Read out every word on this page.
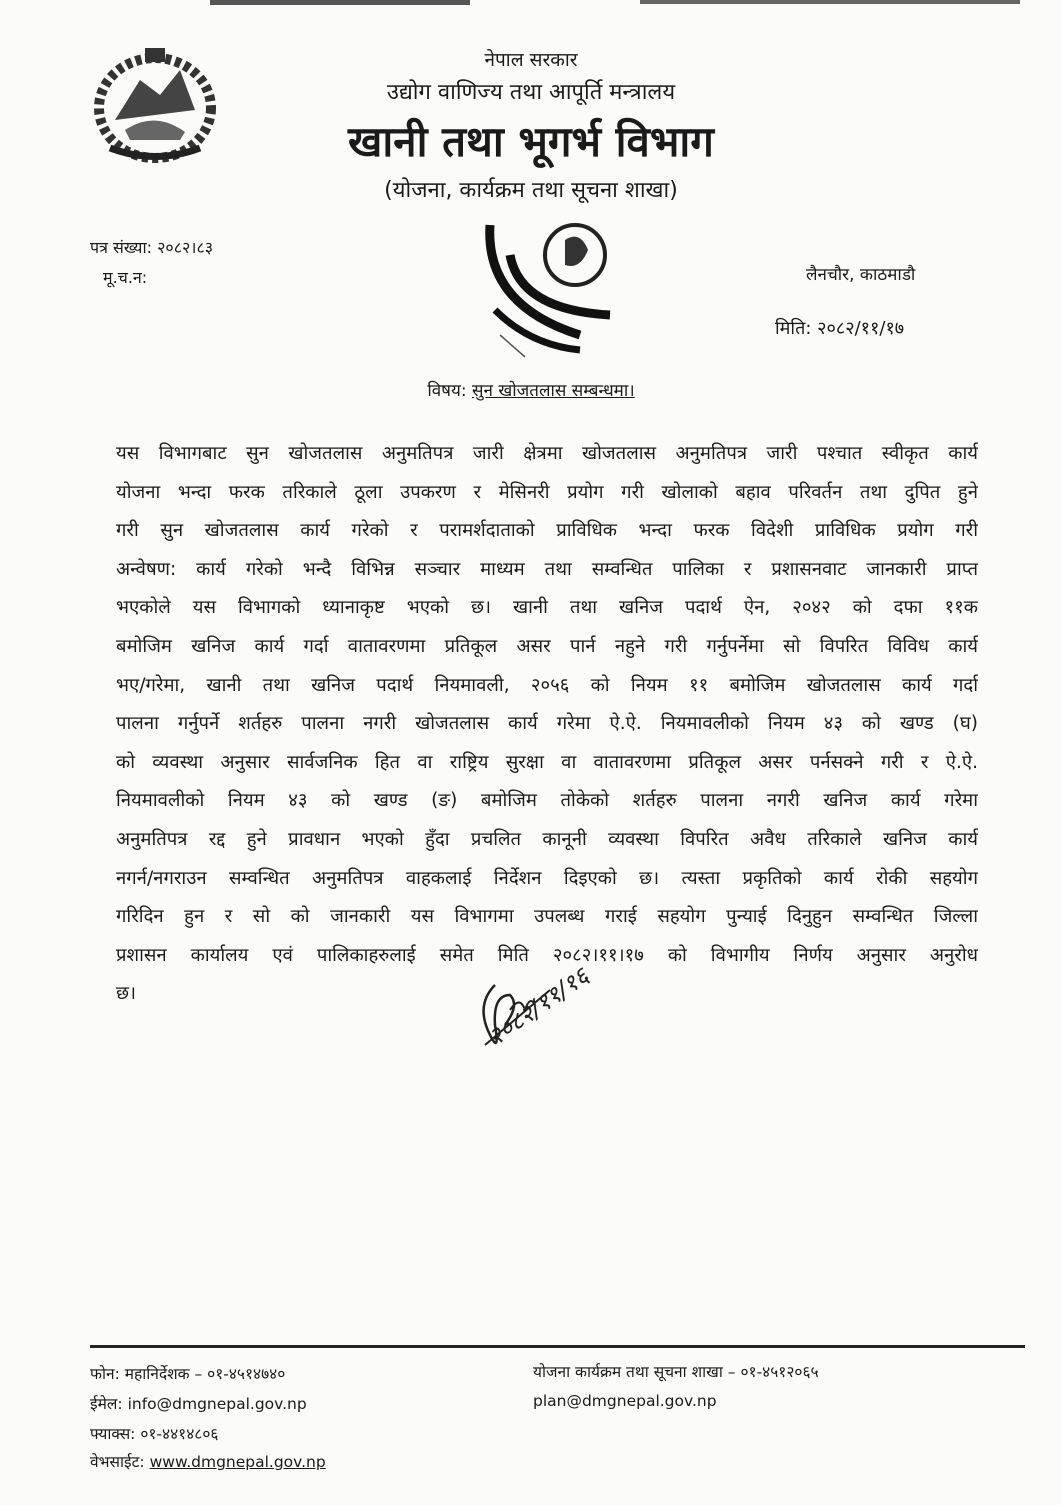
नेपाल सरकार
उद्योग वाणिज्य तथा आपूर्ति मन्त्रालय
खानी तथा भूगर्भ विभाग
(योजना, कार्यक्रम तथा सूचना शाखा)
पत्र संख्या: २०८२।८३
मू.च.न:	लैनचौर, काठमाडौ
मिति: २०८२/११/१७
विषय: सुन खोजतलास सम्बन्धमा।
यस विभागबाट सुन खोजतलास अनुमतिपत्र जारी क्षेत्रमा खोजतलास अनुमतिपत्र जारी पश्चात स्वीकृत कार्य
योजना भन्दा फरक तरिकाले ठूला उपकरण र मेसिनरी प्रयोग गरी खोलाको बहाव परिवर्तन तथा दुपित हुने
गरी सुन खोजतलास कार्य गरेको र परामर्शदाताको प्राविधिक भन्दा फरक विदेशी प्राविधिक प्रयोग गरी
अन्वेषण: कार्य गरेको भन्दै विभिन्न सञ्चार माध्यम तथा सम्वन्धित पालिका र प्रशासनवाट जानकारी प्राप्त
भएकोले यस विभागको ध्यानाकृष्ट भएको छ। खानी तथा खनिज पदार्थ ऐन, २०४२ को दफा ११क
बमोजिम खनिज कार्य गर्दा वातावरणमा प्रतिकूल असर पार्न नहुने गरी गर्नुपर्नेमा सो विपरित विविध कार्य
भए/गरेमा, खानी तथा खनिज पदार्थ नियमावली, २०५६ को नियम ११ बमोजिम खोजतलास कार्य गर्दा
पालना गर्नुपर्ने शर्तहरु पालना नगरी खोजतलास कार्य गरेमा ऐ.ऐ. नियमावलीको नियम ४३ को खण्ड (घ)
को व्यवस्था अनुसार सार्वजनिक हित वा राष्ट्रिय सुरक्षा वा वातावरणमा प्रतिकूल असर पर्नसक्ने गरी र ऐ.ऐ.
नियमावलीको नियम ४३ को खण्ड (ङ) बमोजिम तोकेको शर्तहरु पालना नगरी खनिज कार्य गरेमा
अनुमतिपत्र रद्द हुने प्रावधान भएको हुँदा प्रचलित कानूनी व्यवस्था विपरित अवैध तरिकाले खनिज कार्य
नगर्न/नगराउन सम्वन्धित अनुमतिपत्र वाहकलाई निर्देशन दिइएको छ। त्यस्ता प्रकृतिको कार्य रोकी सहयोग
गरिदिन हुन र सो को जानकारी यस विभागमा उपलब्ध गराई सहयोग पुन्याई दिनुहुन सम्वन्धित जिल्ला
प्रशासन कार्यालय एवं पालिकाहरुलाई समेत मिति २०८२।११।१७ को विभागीय निर्णय अनुसार अनुरोध
छ।	२०८२/११/१६
फोन: महानिर्देशक – ०१-४५१४७४०
ईमेल: info@dmgnepal.gov.np
फ्याक्स: ०१-४४१४८०६
वेभसाईट: www.dmgnepal.gov.np
योजना कार्यक्रम तथा सूचना शाखा – ०१-४५१२०६५
plan@dmgnepal.gov.np
